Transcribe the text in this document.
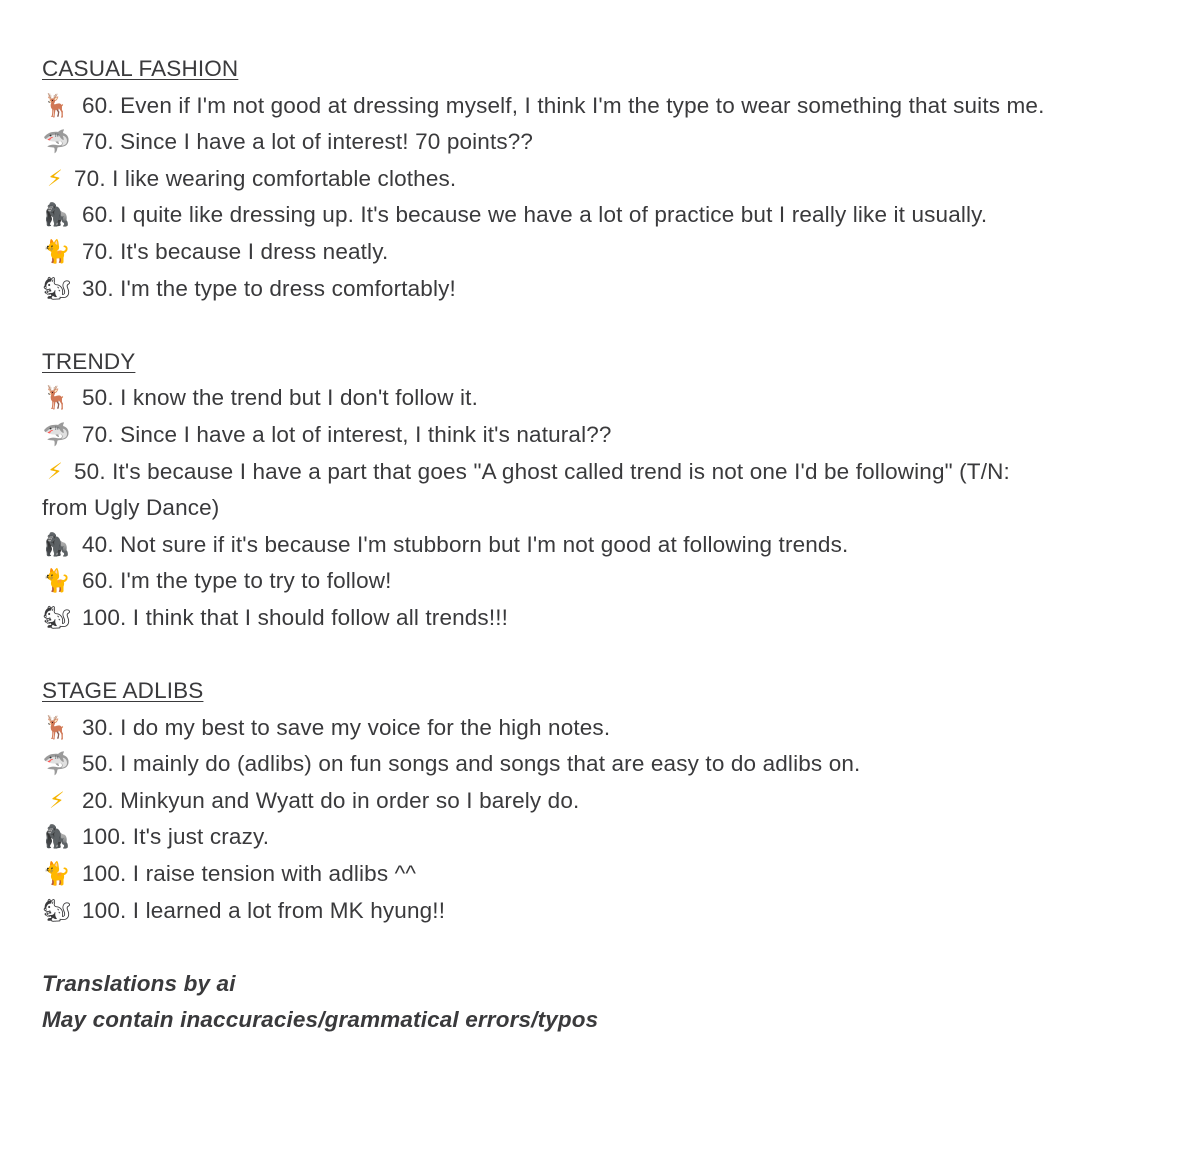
CASUAL FASHION
🦌 60. Even if I'm not good at dressing myself, I think I'm the type to wear something that suits me.
🦈 70. Since I have a lot of interest! 70 points??
⚡ 70. I like wearing comfortable clothes.
🦍 60. I quite like dressing up. It's because we have a lot of practice but I really like it usually.
🐈 70. It's because I dress neatly.
🐿 30. I'm the type to dress comfortably!
TRENDY
🦌 50. I know the trend but I don't follow it.
🦈 70. Since I have a lot of interest, I think it's natural??
⚡ 50. It's because I have a part that goes "A ghost called trend is not one I'd be following" (T/N:
from Ugly Dance)
🦍 40. Not sure if it's because I'm stubborn but I'm not good at following trends.
🐈 60. I'm the type to try to follow!
🐿 100. I think that I should follow all trends!!!
STAGE ADLIBS
🦌 30. I do my best to save my voice for the high notes.
🦈 50. I mainly do (adlibs) on fun songs and songs that are easy to do adlibs on.
⚡ 20. Minkyun and Wyatt do in order so I barely do.
🦍 100. It's just crazy.
🐈 100. I raise tension with adlibs ^^
🐿 100. I learned a lot from MK hyung!!
Translations by ai
May contain inaccuracies/grammatical errors/typos
